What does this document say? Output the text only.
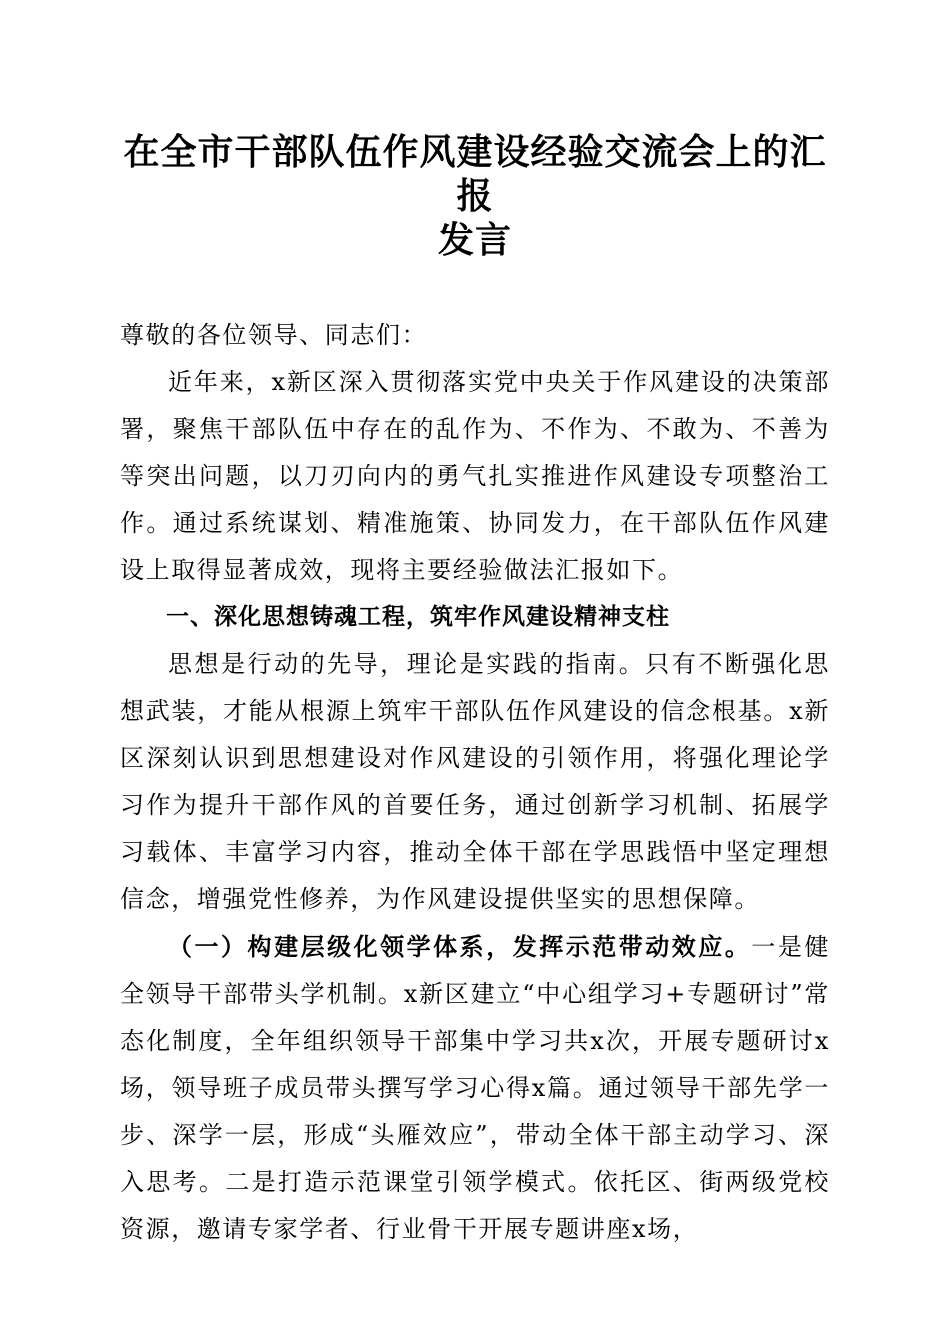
在全市干部队伍作风建设经验交流会上的汇报
发言

尊敬的各位领导、同志们：

近年来，x新区深入贯彻落实党中央关于作风建设的决策部署，聚焦干部队伍中存在的乱作为、不作为、不敢为、不善为等突出问题，以刀刃向内的勇气扎实推进作风建设专项整治工作。通过系统谋划、精准施策、协同发力，在干部队伍作风建设上取得显著成效，现将主要经验做法汇报如下。

一、深化思想铸魂工程，筑牢作风建设精神支柱

思想是行动的先导，理论是实践的指南。只有不断强化思想武装，才能从根源上筑牢干部队伍作风建设的信念根基。x新区深刻认识到思想建设对作风建设的引领作用，将强化理论学习作为提升干部作风的首要任务，通过创新学习机制、拓展学习载体、丰富学习内容，推动全体干部在学思践悟中坚定理想信念，增强党性修养，为作风建设提供坚实的思想保障。

（一）构建层级化领学体系，发挥示范带动效应。一是健全领导干部带头学机制。x新区建立“中心组学习+专题研讨”常态化制度，全年组织领导干部集中学习共x次，开展专题研讨x场，领导班子成员带头撰写学习心得x篇。通过领导干部先学一步、深学一层，形成“头雁效应”，带动全体干部主动学习、深入思考。二是打造示范课堂引领学模式。依托区、街两级党校资源，邀请专家学者、行业骨干开展专题讲座x场，
